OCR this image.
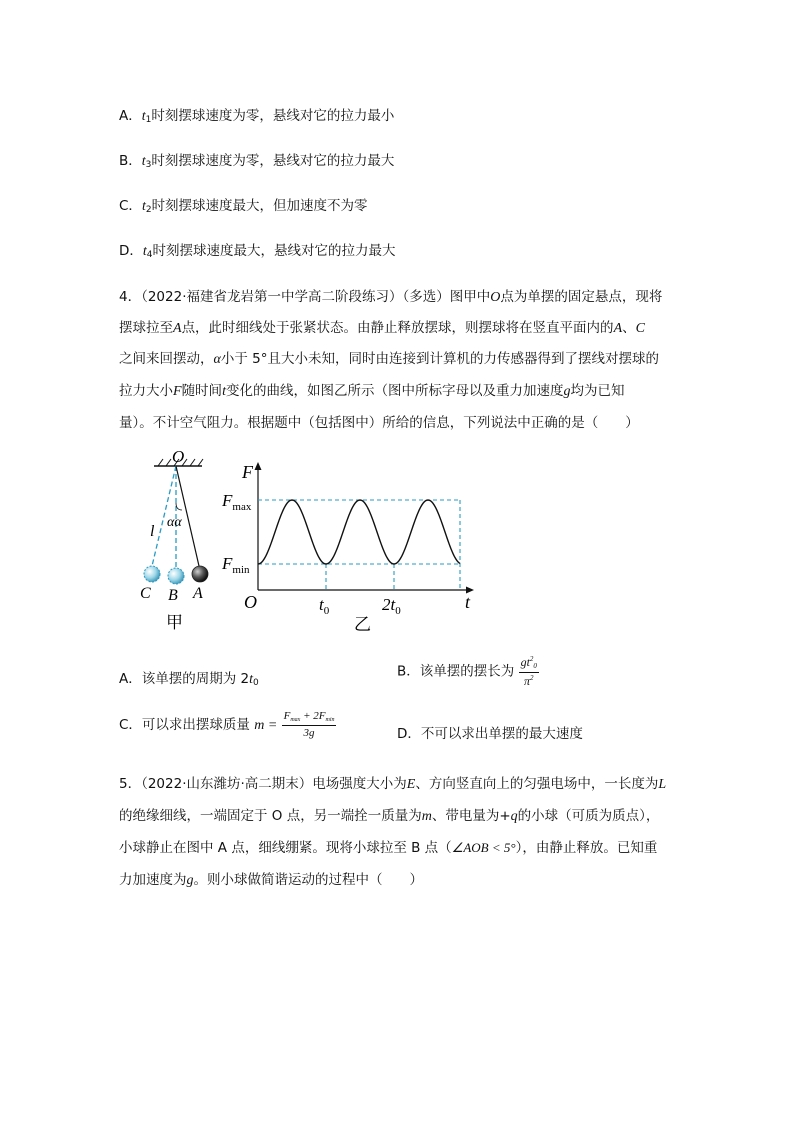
A．$t_1$时刻摆球速度为零，悬线对它的拉力最小
B．$t_3$时刻摆球速度为零，悬线对它的拉力最大
C．$t_2$时刻摆球速度最大，但加速度不为零
D．$t_4$时刻摆球速度最大，悬线对它的拉力最大
4．（2022·福建省龙岩第一中学高二阶段练习）（多选）图甲中O点为单摆的固定悬点，现将
摆球拉至A点，此时细线处于张紧状态。由静止释放摆球，则摆球将在竖直平面内的A、C
之间来回摆动，α小于 5°且大小未知，同时由连接到计算机的力传感器得到了摆线对摆球的
拉力大小F随时间t变化的曲线，如图乙所示（图中所标字母以及重力加速度g均为已知
量）。不计空气阻力。根据题中（包括图中）所给的信息，下列说法中正确的是（　　）
O
l
αα
C B A
甲
F
$F_{max}$
$F_{min}$
O	$t_0$	$2t_0$	t
乙
A．该单摆的周期为 $2t_0$
B．该单摆的摆长为 $\frac{gt^2_0}{\pi^2}$
C．可以求出摆球质量 $m = \frac{F_{max} + 2F_{min}}{3g}$	D．不可以求出单摆的最大速度
5．（2022·山东潍坊·高二期末）电场强度大小为E、方向竖直向上的匀强电场中，一长度为L
的绝缘细线，一端固定于 O 点，另一端拴一质量为m、带电量为+q的小球（可质为质点），
小球静止在图中 A 点，细线绷紧。现将小球拉至 B 点（∠AOB < 5°），由静止释放。已知重
力加速度为g。则小球做简谐运动的过程中（　　）
